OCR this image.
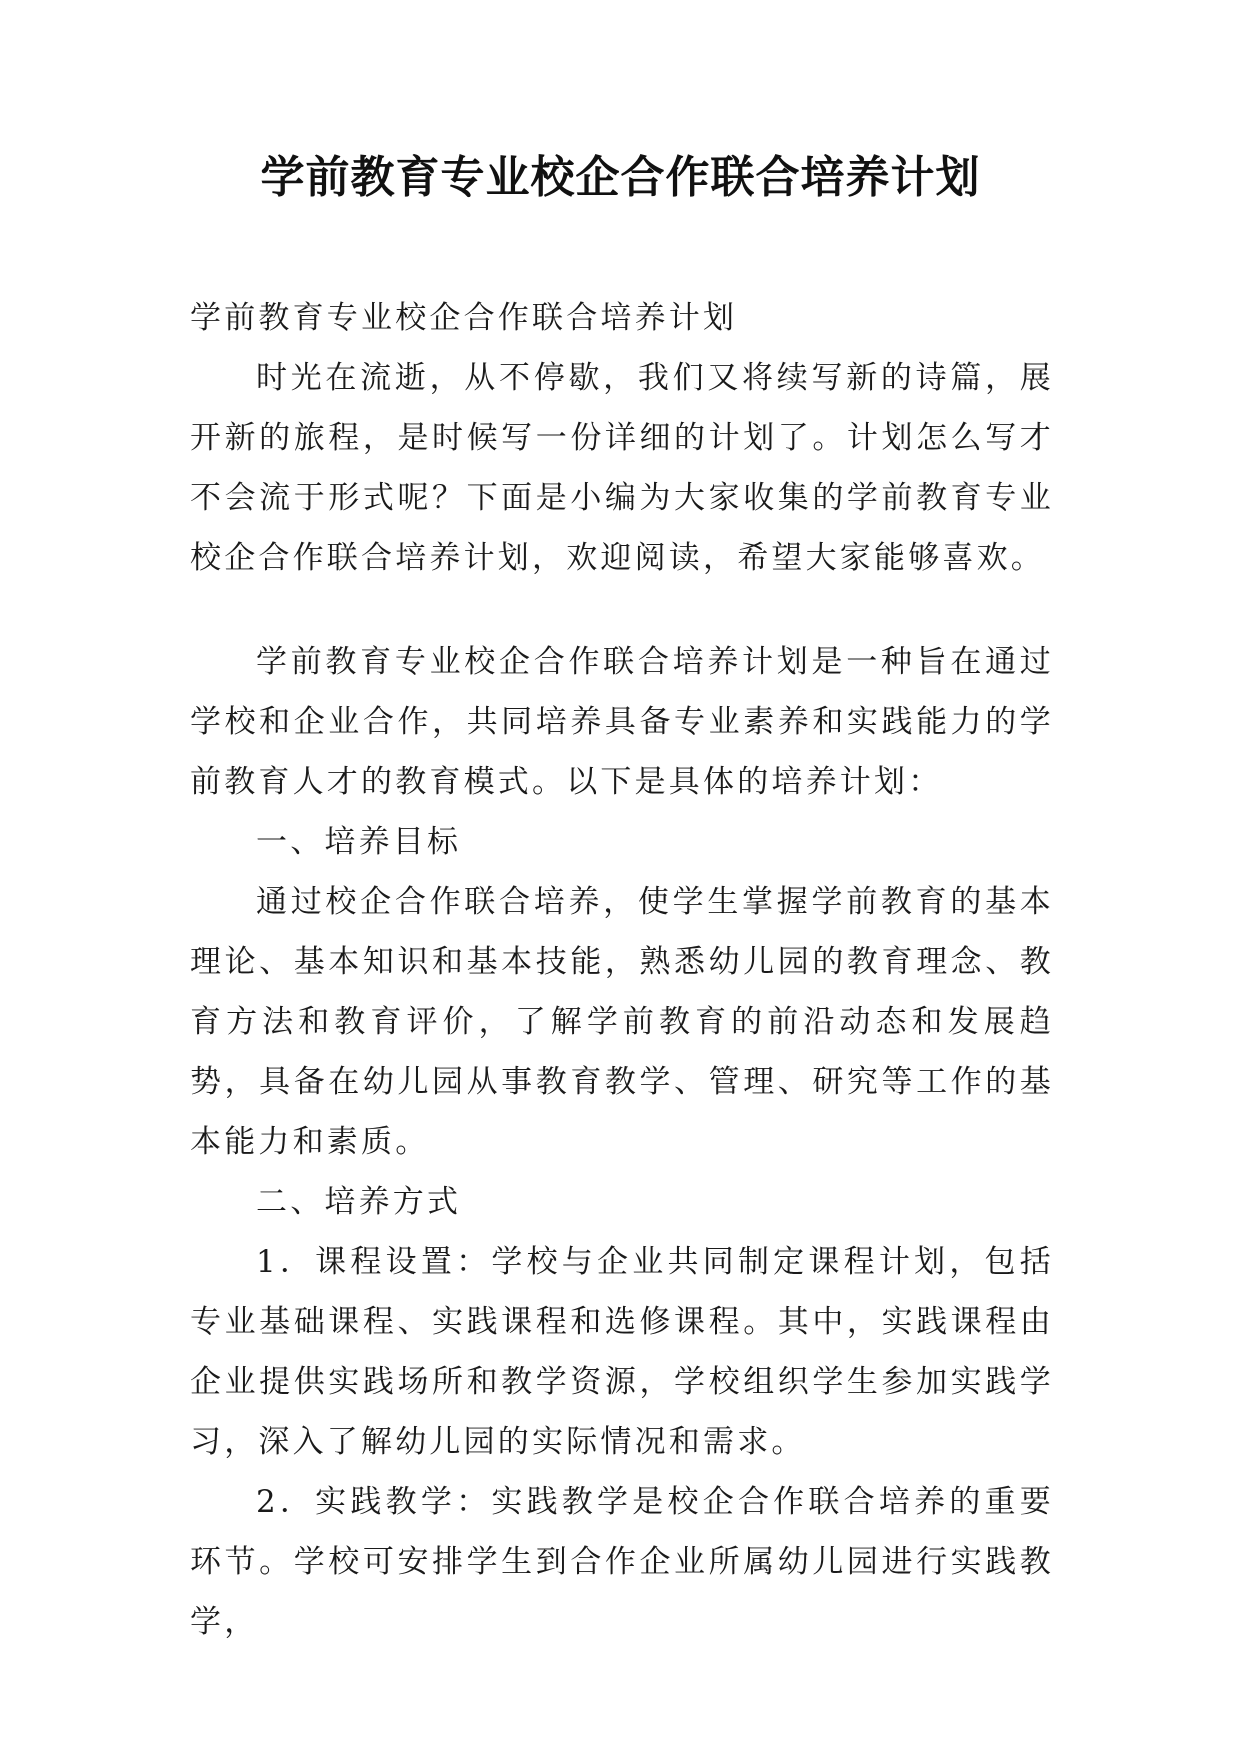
学前教育专业校企合作联合培养计划

学前教育专业校企合作联合培养计划

时光在流逝，从不停歇，我们又将续写新的诗篇，展开新的旅程，是时候写一份详细的计划了。计划怎么写才不会流于形式呢？下面是小编为大家收集的学前教育专业校企合作联合培养计划，欢迎阅读，希望大家能够喜欢。

学前教育专业校企合作联合培养计划是一种旨在通过学校和企业合作，共同培养具备专业素养和实践能力的学前教育人才的教育模式。以下是具体的培养计划：

一、培养目标

通过校企合作联合培养，使学生掌握学前教育的基本理论、基本知识和基本技能，熟悉幼儿园的教育理念、教育方法和教育评价，了解学前教育的前沿动态和发展趋势，具备在幼儿园从事教育教学、管理、研究等工作的基本能力和素质。

二、培养方式

1．课程设置：学校与企业共同制定课程计划，包括专业基础课程、实践课程和选修课程。其中，实践课程由企业提供实践场所和教学资源，学校组织学生参加实践学习，深入了解幼儿园的实际情况和需求。

2．实践教学：实践教学是校企合作联合培养的重要环节。学校可安排学生到合作企业所属幼儿园进行实践教学，
